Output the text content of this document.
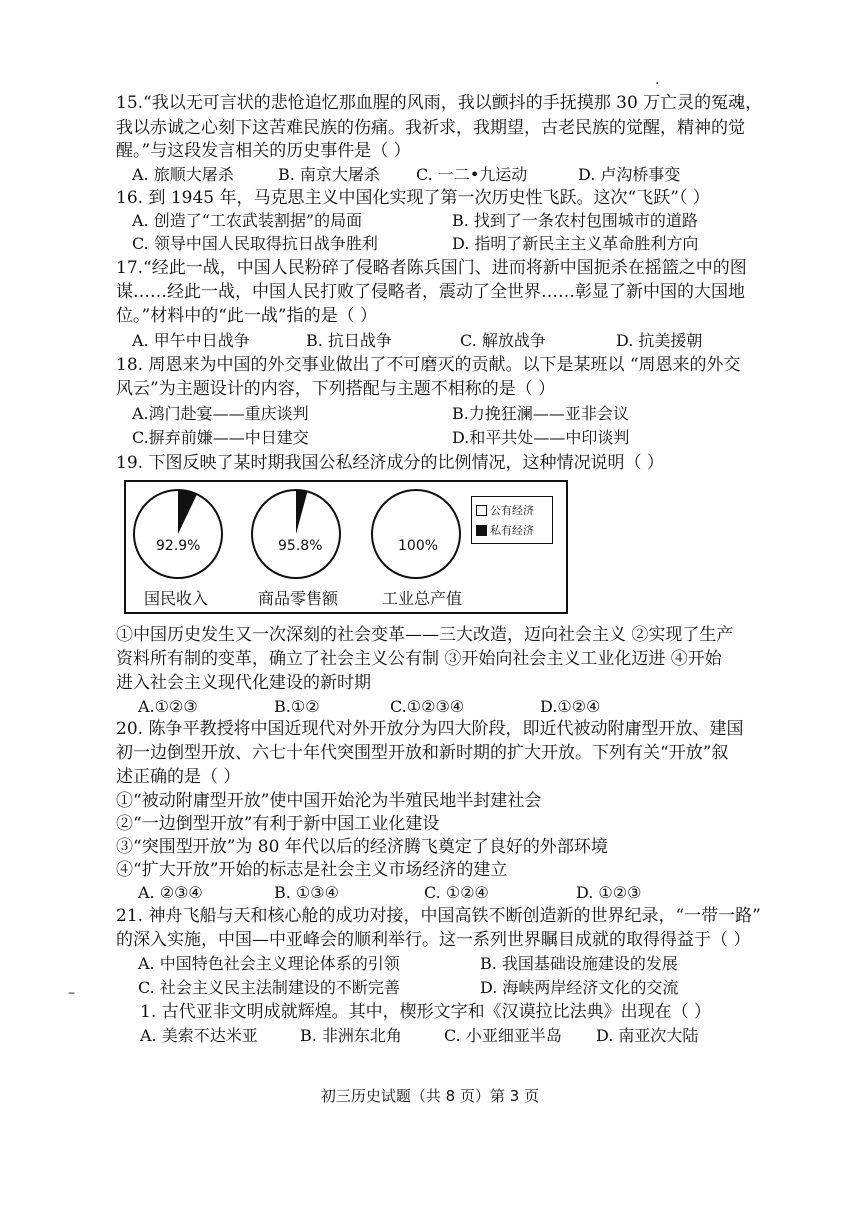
15.“我以无可言状的悲怆追忆那血腥的风雨，我以颤抖的手抚摸那 30 万亡灵的冤魂，
我以赤诚之心刻下这苦难民族的伤痛。我祈求，我期望，古老民族的觉醒，精神的觉
醒。”与这段发言相关的历史事件是（ ）
A. 旅顺大屠杀	B. 南京大屠杀 C. 一二•九运动	D. 卢沟桥事变
16. 到 1945 年，马克思主义中国化实现了第一次历史性飞跃。这次“飞跃”（ ）
A. 创造了“工农武装割据”的局面	B. 找到了一条农村包围城市的道路
C. 领导中国人民取得抗日战争胜利	D. 指明了新民主主义革命胜利方向
17.“经此一战，中国人民粉碎了侵略者陈兵国门、进而将新中国扼杀在摇篮之中的图
谋……经此一战，中国人民打败了侵略者，震动了全世界……彰显了新中国的大国地
位。”材料中的“此一战”指的是（ ）
A. 甲午中日战争	B. 抗日战争	C. 解放战争	D. 抗美援朝
18. 周恩来为中国的外交事业做出了不可磨灭的贡献。以下是某班以 “周恩来的外交
风云”为主题设计的内容，下列搭配与主题不相称的是（ ）
A.鸿门赴宴——重庆谈判	B.力挽狂澜——亚非会议
C.摒弃前嫌——中日建交	D.和平共处——中印谈判
19. 下图反映了某时期我国公私经济成分的比例情况，这种情况说明（ ）
92.9%	95.8%	100%
国民收入	商品零售额	工业总产值
公有经济
私有经济
①中国历史发生又一次深刻的社会变革——三大改造，迈向社会主义 ②实现了生产
资料所有制的变革，确立了社会主义公有制 ③开始向社会主义工业化迈进 ④开始
进入社会主义现代化建设的新时期
A.①②③	B.①②	C.①②③④	D.①②④
20. 陈争平教授将中国近现代对外开放分为四大阶段，即近代被动附庸型开放、建国
初一边倒型开放、六七十年代突围型开放和新时期的扩大开放。下列有关“开放”叙
述正确的是（ ）
①“被动附庸型开放”使中国开始沦为半殖民地半封建社会
②“一边倒型开放”有利于新中国工业化建设
③“突围型开放”为 80 年代以后的经济腾飞奠定了良好的外部环境
④“扩大开放”开始的标志是社会主义市场经济的建立
A. ②③④	B. ①③④	C. ①②④	D. ①②③
21. 神舟飞船与天和核心舱的成功对接，中国高铁不断创造新的世界纪录，“一带一路”
的深入实施，中国—中亚峰会的顺利举行。这一系列世界瞩目成就的取得得益于（ ）
A. 中国特色社会主义理论体系的引领	B. 我国基础设施建设的发展
C. 社会主义民主法制建设的不断完善	D. 海峡两岸经济文化的交流
1. 古代亚非文明成就辉煌。其中，楔形文字和《汉谟拉比法典》出现在（ ）
A. 美索不达米亚	B. 非洲东北角	C. 小亚细亚半岛 D. 南亚次大陆
·
–
初三历史试题（共 8 页）第 3 页
